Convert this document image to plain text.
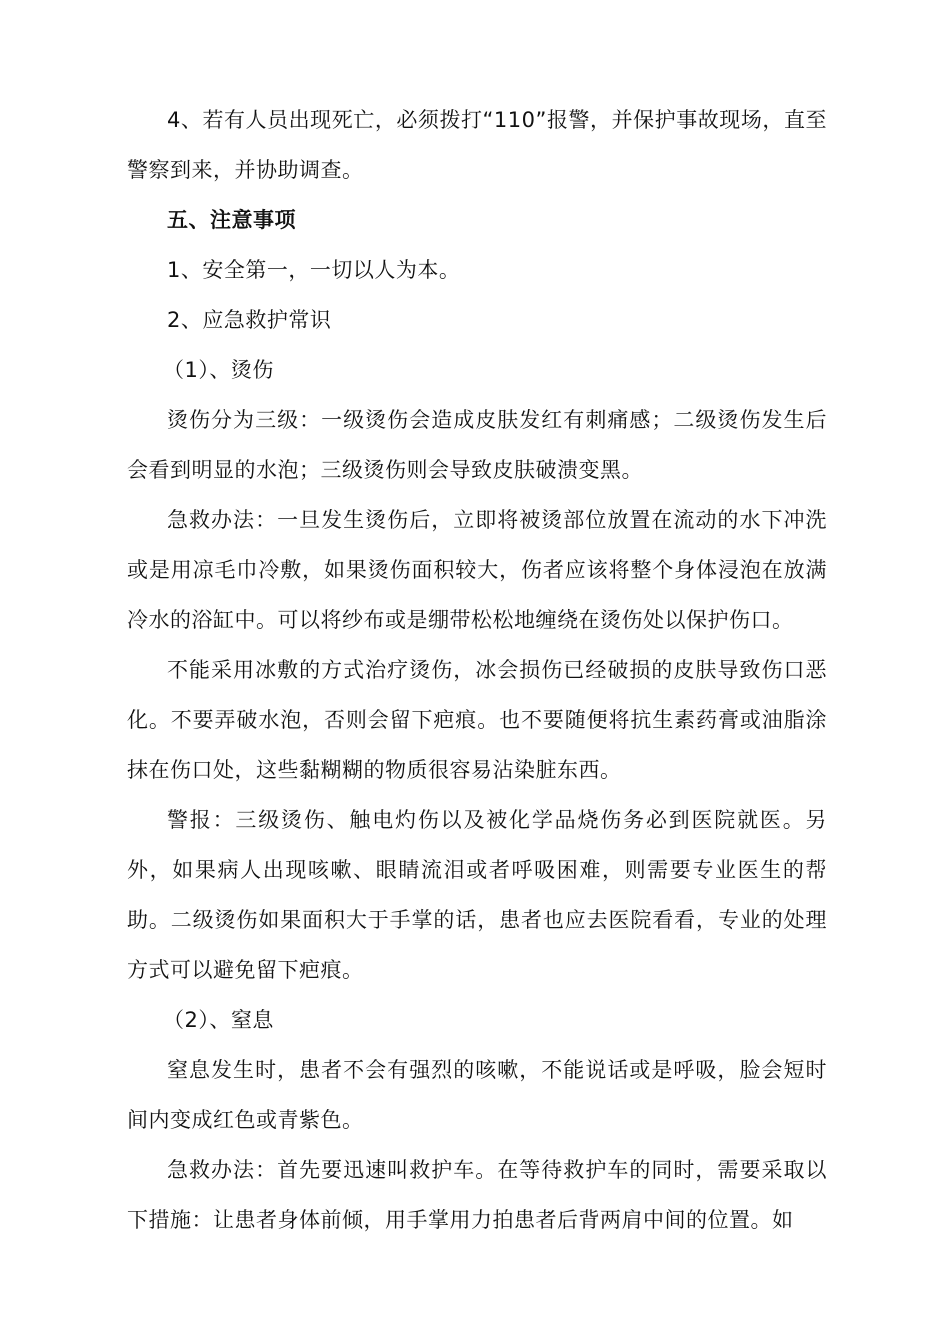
4、若有人员出现死亡，必须拨打“110”报警，并保护事故现场，直至警察到来，并协助调查。

五、注意事项

1、安全第一，一切以人为本。

2、应急救护常识

（1）、烫伤

烫伤分为三级：一级烫伤会造成皮肤发红有刺痛感；二级烫伤发生后会看到明显的水泡；三级烫伤则会导致皮肤破溃变黑。

急救办法：一旦发生烫伤后，立即将被烫部位放置在流动的水下冲洗或是用凉毛巾冷敷，如果烫伤面积较大，伤者应该将整个身体浸泡在放满冷水的浴缸中。可以将纱布或是绷带松松地缠绕在烫伤处以保护伤口。

不能采用冰敷的方式治疗烫伤，冰会损伤已经破损的皮肤导致伤口恶化。不要弄破水泡，否则会留下疤痕。也不要随便将抗生素药膏或油脂涂抹在伤口处，这些黏糊糊的物质很容易沾染脏东西。

警报：三级烫伤、触电灼伤以及被化学品烧伤务必到医院就医。另外，如果病人出现咳嗽、眼睛流泪或者呼吸困难，则需要专业医生的帮助。二级烫伤如果面积大于手掌的话，患者也应去医院看看，专业的处理方式可以避免留下疤痕。

（2）、窒息

窒息发生时，患者不会有强烈的咳嗽，不能说话或是呼吸，脸会短时间内变成红色或青紫色。

急救办法：首先要迅速叫救护车。在等待救护车的同时，需要采取以下措施：让患者身体前倾，用手掌用力拍患者后背两肩中间的位置。如
